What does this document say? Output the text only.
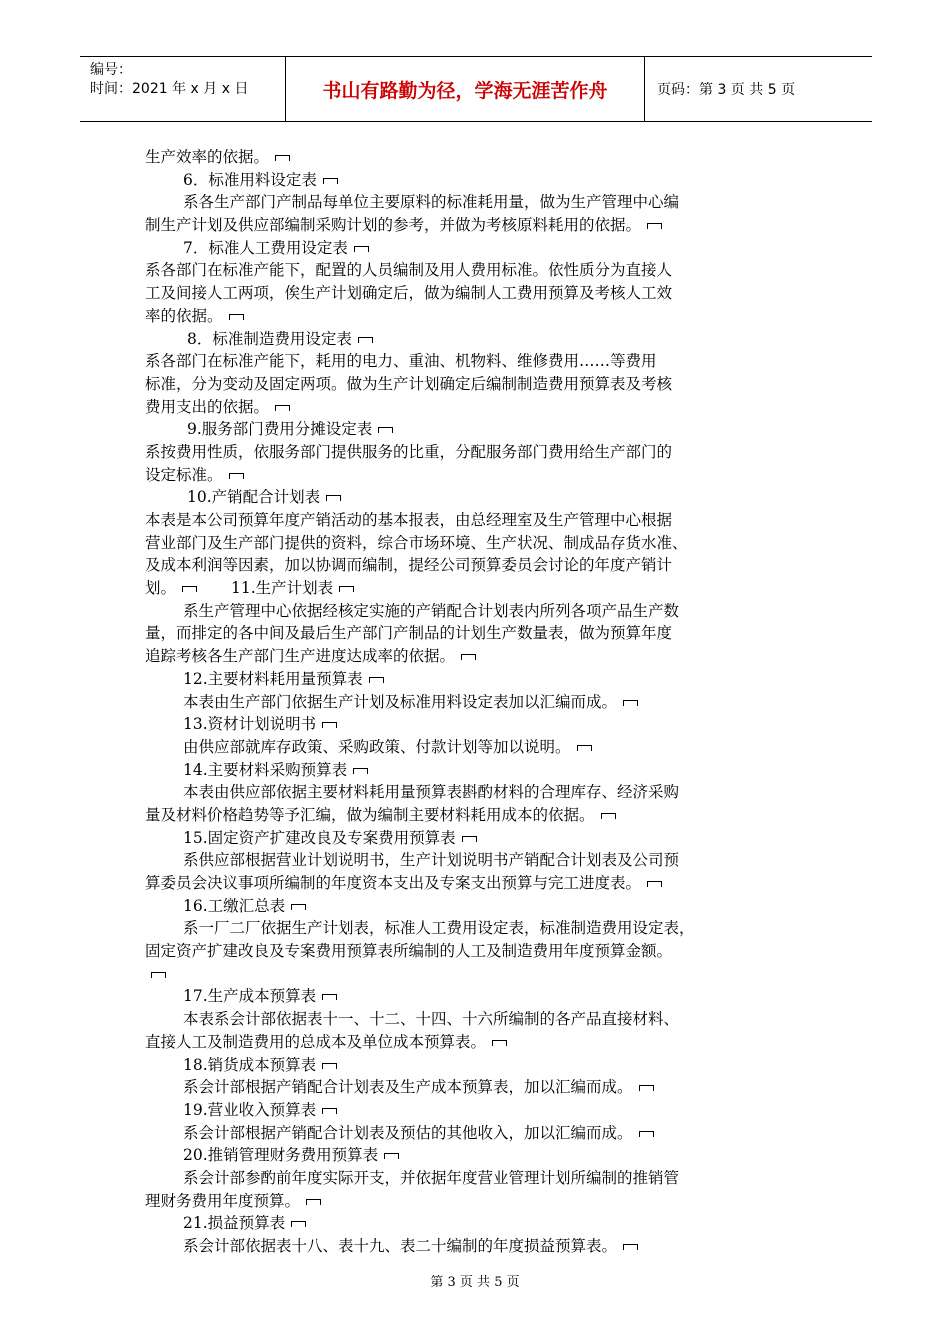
编号：
时间：2021 年 x 月 x 日	书山有路勤为径，学海无涯苦作舟	页码：第 3 页 共 5 页
生产效率的依据。
6．标准用料设定表
系各生产部门产制品每单位主要原料的标准耗用量，做为生产管理中心编
制生产计划及供应部编制采购计划的参考，并做为考核原料耗用的依据。
7．标准人工费用设定表
系各部门在标准产能下，配置的人员编制及用人费用标准。依性质分为直接人
工及间接人工两项，俟生产计划确定后，做为编制人工费用预算及考核人工效
率的依据。
8．标准制造费用设定表
系各部门在标准产能下，耗用的电力、重油、机物料、维修费用……等费用
标准，分为变动及固定两项。做为生产计划确定后编制制造费用预算表及考核
费用支出的依据。
9.服务部门费用分摊设定表
系按费用性质，依服务部门提供服务的比重，分配服务部门费用给生产部门的
设定标准。
10.产销配合计划表
本表是本公司预算年度产销活动的基本报表，由总经理室及生产管理中心根据
营业部门及生产部门提供的资料，综合市场环境、生产状况、制成品存货水准、
及成本利润等因素，加以协调而编制，提经公司预算委员会讨论的年度产销计
划。	11.生产计划表
系生产管理中心依据经核定实施的产销配合计划表内所列各项产品生产数
量，而排定的各中间及最后生产部门产制品的计划生产数量表，做为预算年度
追踪考核各生产部门生产进度达成率的依据。
12.主要材料耗用量预算表
本表由生产部门依据生产计划及标准用料设定表加以汇编而成。
13.资材计划说明书
由供应部就库存政策、采购政策、付款计划等加以说明。
14.主要材料采购预算表
本表由供应部依据主要材料耗用量预算表斟酌材料的合理库存、经济采购
量及材料价格趋势等予汇编，做为编制主要材料耗用成本的依据。
15.固定资产扩建改良及专案费用预算表
系供应部根据营业计划说明书，生产计划说明书产销配合计划表及公司预
算委员会决议事项所编制的年度资本支出及专案支出预算与完工进度表。
16.工缴汇总表
系一厂二厂依据生产计划表，标准人工费用设定表，标准制造费用设定表，
固定资产扩建改良及专案费用预算表所编制的人工及制造费用年度预算金额。
17.生产成本预算表
本表系会计部依据表十一、十二、十四、十六所编制的各产品直接材料、
直接人工及制造费用的总成本及单位成本预算表。
18.销货成本预算表
系会计部根据产销配合计划表及生产成本预算表，加以汇编而成。
19.营业收入预算表
系会计部根据产销配合计划表及预估的其他收入，加以汇编而成。
20.推销管理财务费用预算表
系会计部参酌前年度实际开支，并依据年度营业管理计划所编制的推销管
理财务费用年度预算。
21.损益预算表
系会计部依据表十八、表十九、表二十编制的年度损益预算表。
第 3 页 共 5 页
